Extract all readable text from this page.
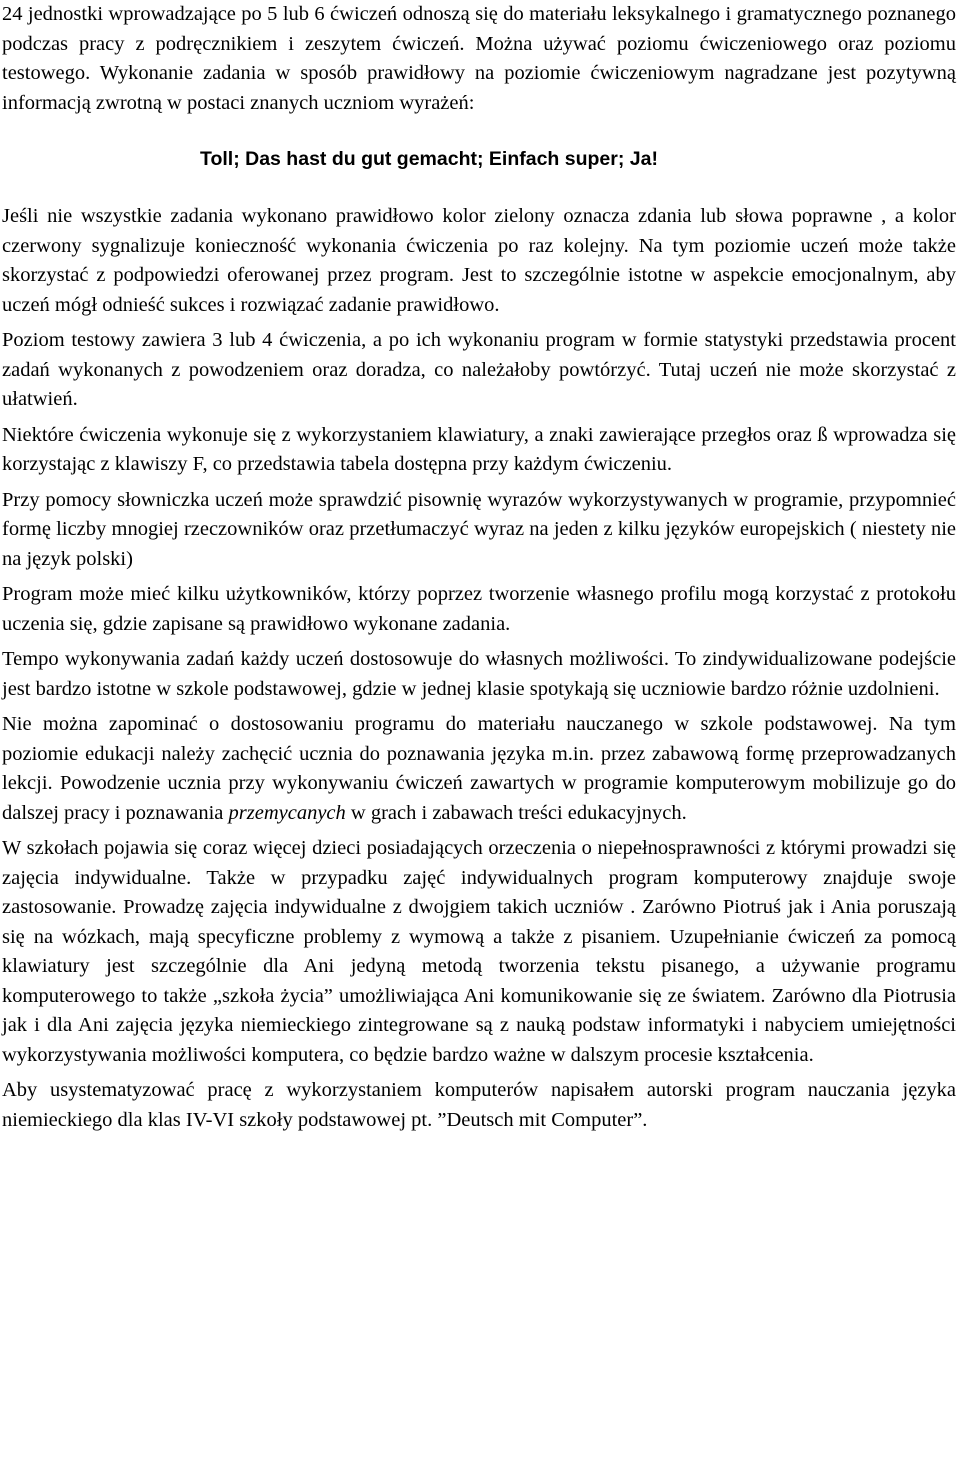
24 jednostki wprowadzające po 5 lub 6 ćwiczeń odnoszą się do materiału leksykalnego i gramatycznego poznanego podczas pracy z podręcznikiem i zeszytem ćwiczeń. Można używać poziomu ćwiczeniowego oraz poziomu testowego. Wykonanie zadania w sposób prawidłowy na poziomie ćwiczeniowym nagradzane jest pozytywną informacją zwrotną w postaci znanych uczniom wyrażeń:

Toll; Das hast du gut gemacht; Einfach super; Ja!

Jeśli nie wszystkie zadania wykonano prawidłowo kolor zielony oznacza zdania lub słowa poprawne , a kolor czerwony sygnalizuje konieczność wykonania ćwiczenia po raz kolejny. Na tym poziomie uczeń może także skorzystać z podpowiedzi oferowanej przez program. Jest to szczególnie istotne w aspekcie emocjonalnym, aby uczeń mógł odnieść sukces i rozwiązać zadanie prawidłowo.

Poziom testowy zawiera 3 lub 4 ćwiczenia, a po ich wykonaniu program w formie statystyki przedstawia procent zadań wykonanych z powodzeniem oraz doradza, co należałoby powtórzyć. Tutaj uczeń nie może skorzystać z ułatwień.

Niektóre ćwiczenia wykonuje się z wykorzystaniem klawiatury, a znaki zawierające przegłos oraz ß wprowadza się korzystając z klawiszy F, co przedstawia tabela dostępna przy każdym ćwiczeniu.

Przy pomocy słowniczka uczeń może sprawdzić pisownię wyrazów wykorzystywanych w programie, przypomnieć formę liczby mnogiej rzeczowników oraz przetłumaczyć wyraz na jeden z kilku języków europejskich ( niestety nie na język polski)

Program może mieć kilku użytkowników, którzy poprzez tworzenie własnego profilu mogą korzystać z protokołu uczenia się, gdzie zapisane są prawidłowo wykonane zadania.

Tempo wykonywania zadań każdy uczeń dostosowuje do własnych możliwości. To zindywidualizowane podejście jest bardzo istotne w szkole podstawowej, gdzie w jednej klasie spotykają się uczniowie bardzo różnie uzdolnieni.

Nie można zapominać o dostosowaniu programu do materiału nauczanego w szkole podstawowej. Na tym poziomie edukacji należy zachęcić ucznia do poznawania języka m.in. przez zabawową formę przeprowadzanych lekcji. Powodzenie ucznia przy wykonywaniu ćwiczeń zawartych w programie komputerowym mobilizuje go do dalszej pracy i poznawania przemycanych w grach i zabawach treści edukacyjnych.

W szkołach pojawia się coraz więcej dzieci posiadających orzeczenia o niepełnosprawności z którymi prowadzi się zajęcia indywidualne. Także w przypadku zajęć indywidualnych program komputerowy znajduje swoje zastosowanie. Prowadzę zajęcia indywidualne z dwojgiem takich uczniów . Zarówno Piotruś jak i Ania poruszają się na wózkach, mają specyficzne problemy z wymową a także z pisaniem. Uzupełnianie ćwiczeń za pomocą klawiatury jest szczególnie dla Ani jedyną metodą tworzenia tekstu pisanego, a używanie programu komputerowego to także „szkoła życia” umożliwiająca Ani komunikowanie się ze światem. Zarówno dla Piotrusia jak i dla Ani zajęcia języka niemieckiego zintegrowane są z nauką podstaw informatyki i nabyciem umiejętności wykorzystywania możliwości komputera, co będzie bardzo ważne w dalszym procesie kształcenia.

Aby usystematyzować pracę z wykorzystaniem komputerów napisałem autorski program nauczania języka niemieckiego dla klas IV-VI szkoły podstawowej pt. ”Deutsch mit Computer”.
